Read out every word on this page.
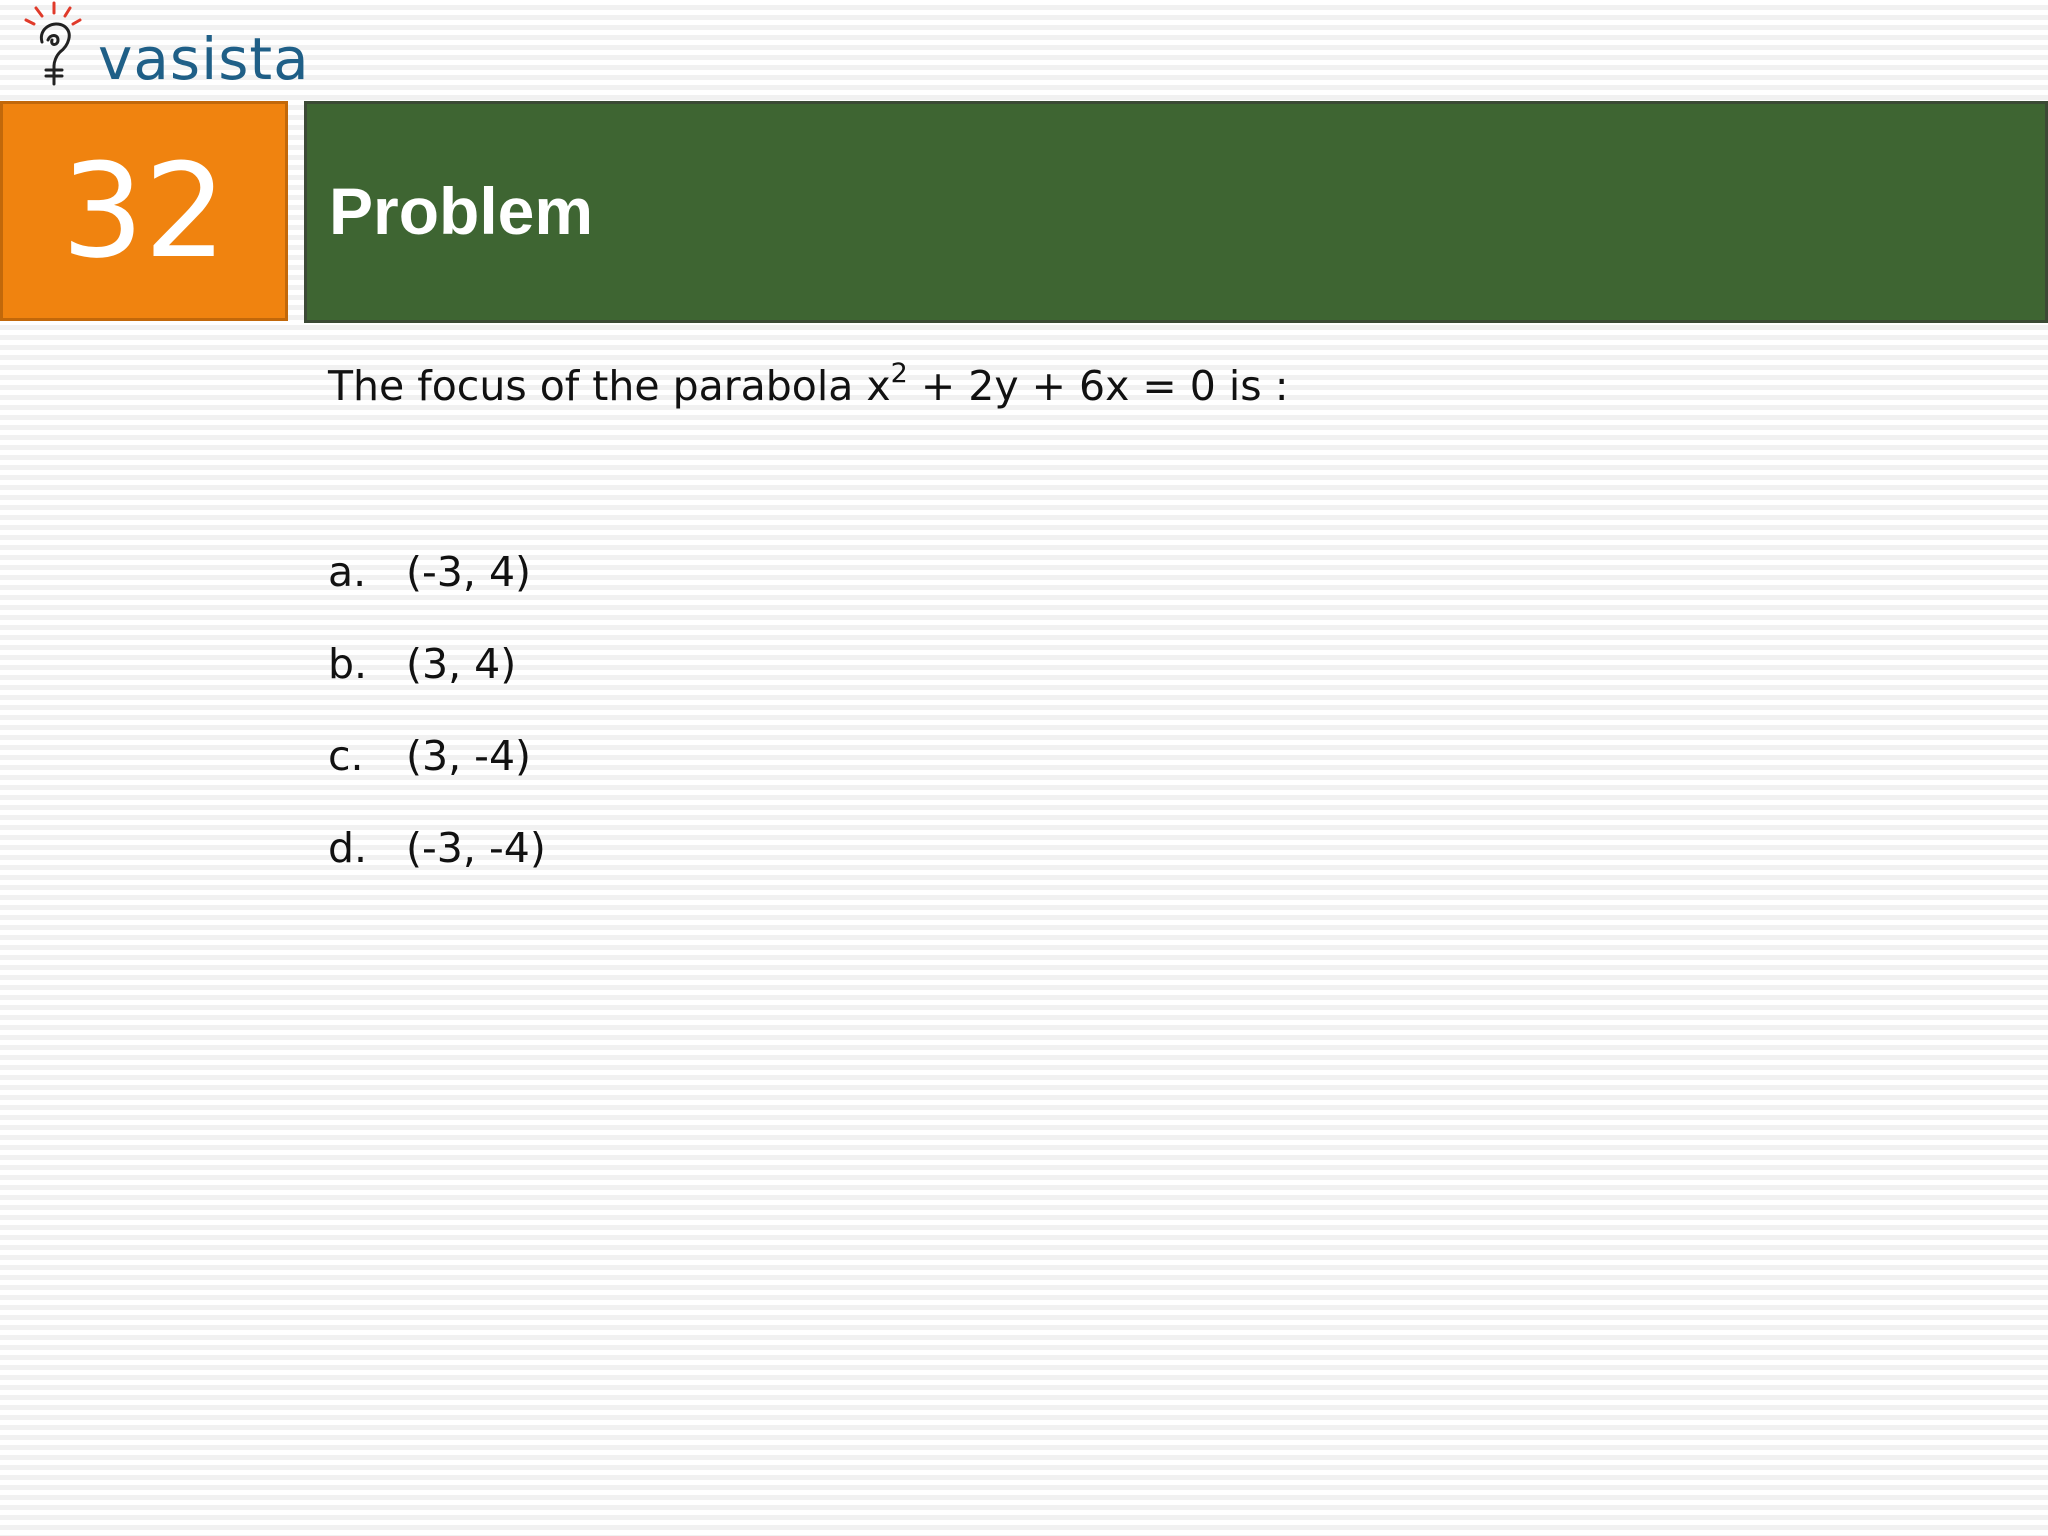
vasista
32 Problem
The focus of the parabola $x^2 + 2y + 6x = 0$ is :
a. (-3, 4)
b. (3, 4)
c. (3, -4)
d. (-3, -4)
